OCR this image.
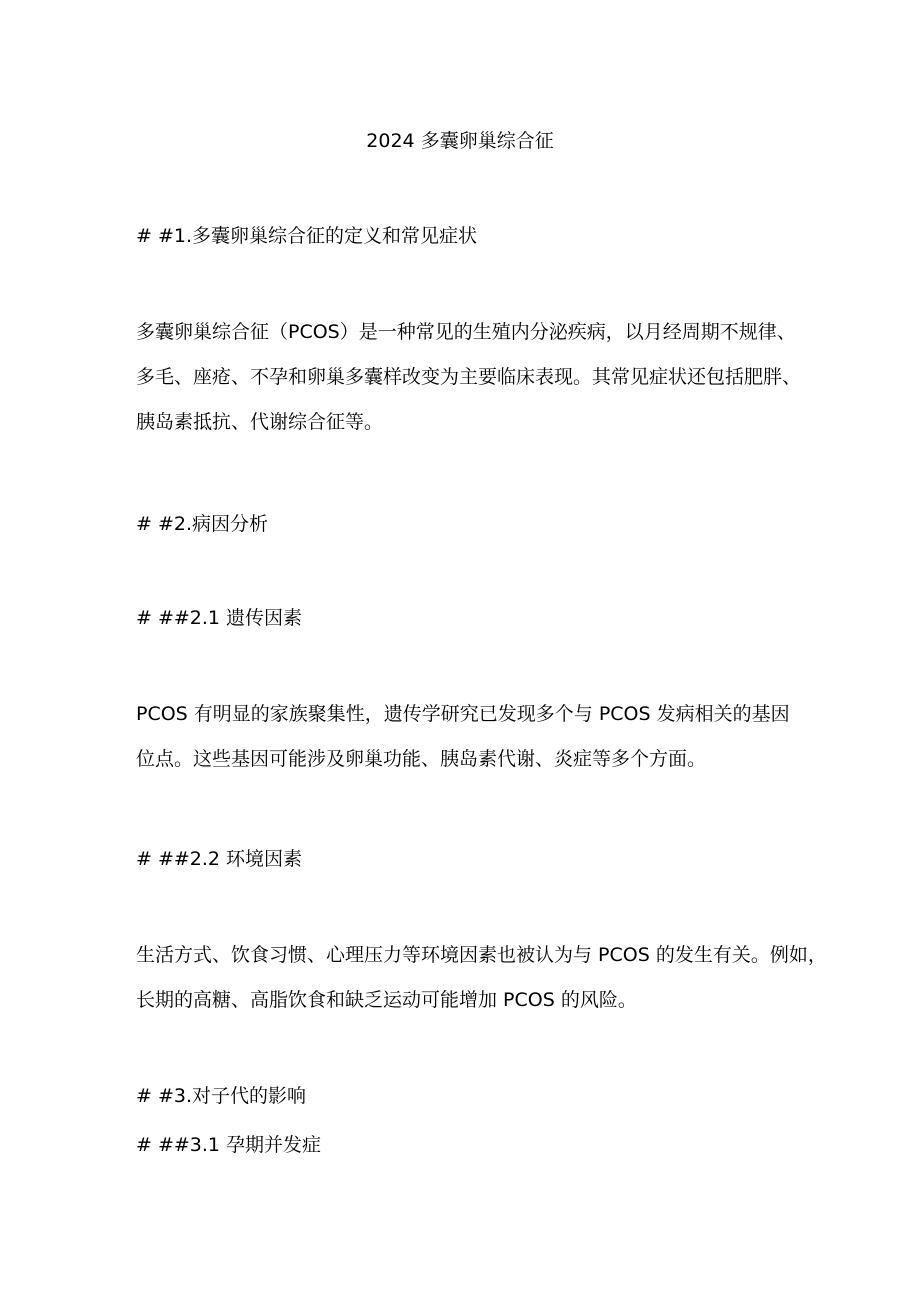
2024 多囊卵巢综合征
# #1.多囊卵巢综合征的定义和常见症状
多囊卵巢综合征（PCOS）是一种常见的生殖内分泌疾病，以月经周期不规律、
多毛、座疮、不孕和卵巢多囊样改变为主要临床表现。其常见症状还包括肥胖、
胰岛素抵抗、代谢综合征等。
# #2.病因分析
# ##2.1 遗传因素
PCOS 有明显的家族聚集性，遗传学研究已发现多个与 PCOS 发病相关的基因
位点。这些基因可能涉及卵巢功能、胰岛素代谢、炎症等多个方面。
# ##2.2 环境因素
生活方式、饮食习惯、心理压力等环境因素也被认为与 PCOS 的发生有关。例如，
长期的高糖、高脂饮食和缺乏运动可能增加 PCOS 的风险。
# #3.对子代的影响
# ##3.1 孕期并发症
